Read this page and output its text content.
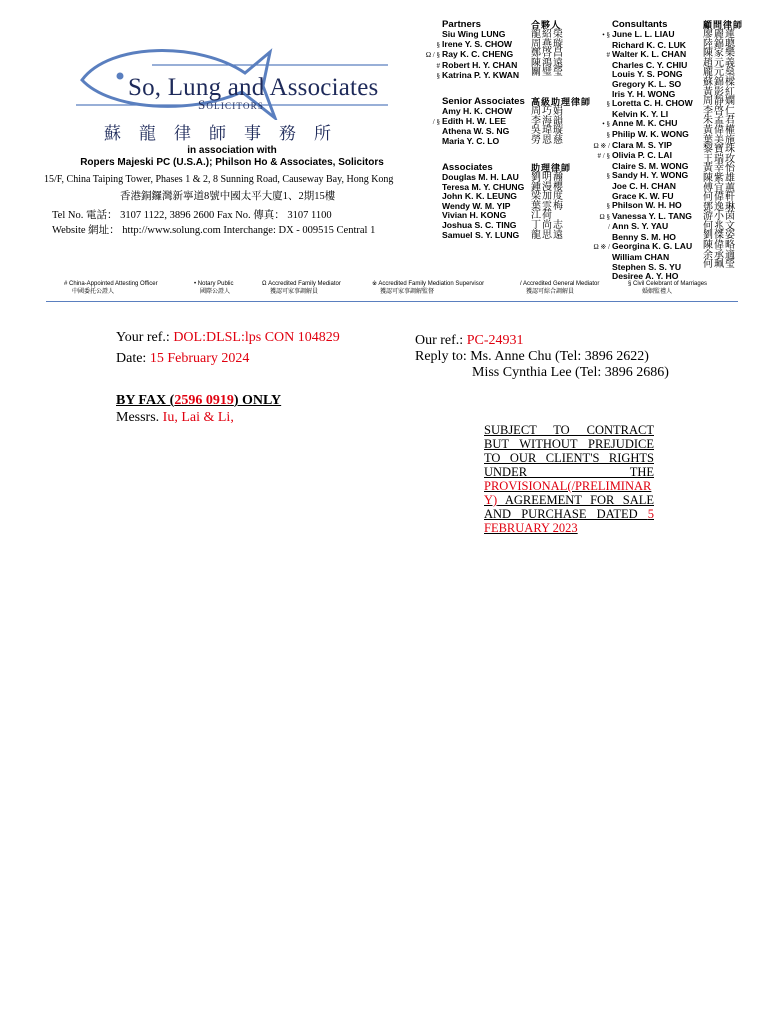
So, Lung and Associates
Solicitors
蘇龍律師事務所
in association with
Ropers Majeski PC (U.S.A.); Philson Ho & Associates, Solicitors
15/F, China Taiping Tower, Phases 1 & 2, 8 Sunning Road, Causeway Bay, Hong Kong
香港銅鑼灣新寧道8號中國太平大廈1、2期15樓
Tel No. 電話： 3107 1122, 3896 2600 Fax No. 傳真： 3107 1100
Website 網址： http://www.solung.com Interchange: DX - 009515 Central 1
Partners
Siu Wing LUNG
§ Irene Y. S. CHOW
Ω / §Ray K. C. CHENG
# Robert H. Y. CHAN
§ Katrina P. Y. KWAN
合夥人
龍紹榮
周燕璇
鄭啓昌
陳鴻遠
關璧瑩
Senior Associates
Amy H. K. CHOW
/ § Edith H. W. LEE
Athena W. S. NG
Maria Y. C. LO
高級助理律師
周巧娟
李海韻
吳瑋璇
勞恩慈
Associates
Douglas M. H. LAU
Teresa M. Y. CHUNG
John K. K. LEUNG
Wendy W. M. YIP
Vivian H. KONG
Joshua S. C. TING
Samuel S. Y. LUNG
助理律師
劉明瀚
鍾漫櫻
梁加度
葉雲梅
江荷
丁尚志
龍思遠
Consultants
• § June L. L. LIAU
Richard K. C. LUK
# Walter K. L. CHAN
Charles C. Y. CHIU
Louis Y. S. PONG
Gregory K. L. SO
Iris Y. H. WONG
§ Loretta C. H. CHOW
Kelvin K. Y. LI
• § Anne M. K. CHU
§ Philip W. K. WONG
Ω ※ / Clara M. S. YIP
# / § Olivia P. C. LAI
Claire S. M. WONG
§ Sandy H. Y. WONG
Joe C. H. CHAN
Grace K. W. FU
§ Philson W. H. HO
Ω § Vanessa Y. L. TANG
/ Ann S. Y. YAU
Benny S. M. HO
Ω ※ / Georgina K. G. LAU
William CHAN
Stephen S. S. YU
Desiree A. Y. HO
顧問律師
廖麗蓮
陸錦聰
陳家樂
趙元義
龐元燊
蘇錦樑
黃影紅
周靜嫻
李啓仁
朱孟君
黃偉權
葉美施
黎寶珠
王瑞玫
黃幸怡
陳紫雄
傅宜蕙
何偉軒
鄧逸琳
游小茵
何兆文
劉傑姿
陳偉略
余承適
何珮瑩
# China-Appointed Attesting Officer
中國委托公證人
• Notary Public
國際公證人
Ω Accredited Family Mediator
獲認可家事調解員
※ Accredited Family Mediation Supervisor
獲認可家事調解監督
/ Accredited General Mediator
獲認可綜合調解員
§ Civil Celebrant of Marriages
婚姻監禮人
Your ref.: DOL:DLSL:lps CON 104829
Date: 15 February 2024
Our ref.: PC-24931
Reply to: Ms. Anne Chu (Tel: 3896 2622)
Miss Cynthia Lee (Tel: 3896 2686)
BY FAX (2596 0919) ONLY
Messrs. Iu, Lai & Li,
SUBJECT TO CONTRACT BUT WITHOUT PREJUDICE TO OUR CLIENT'S RIGHTS UNDER THE PROVISIONAL(/PRELIMINARY) AGREEMENT FOR SALE AND PURCHASE DATED 5 FEBRUARY 2023
